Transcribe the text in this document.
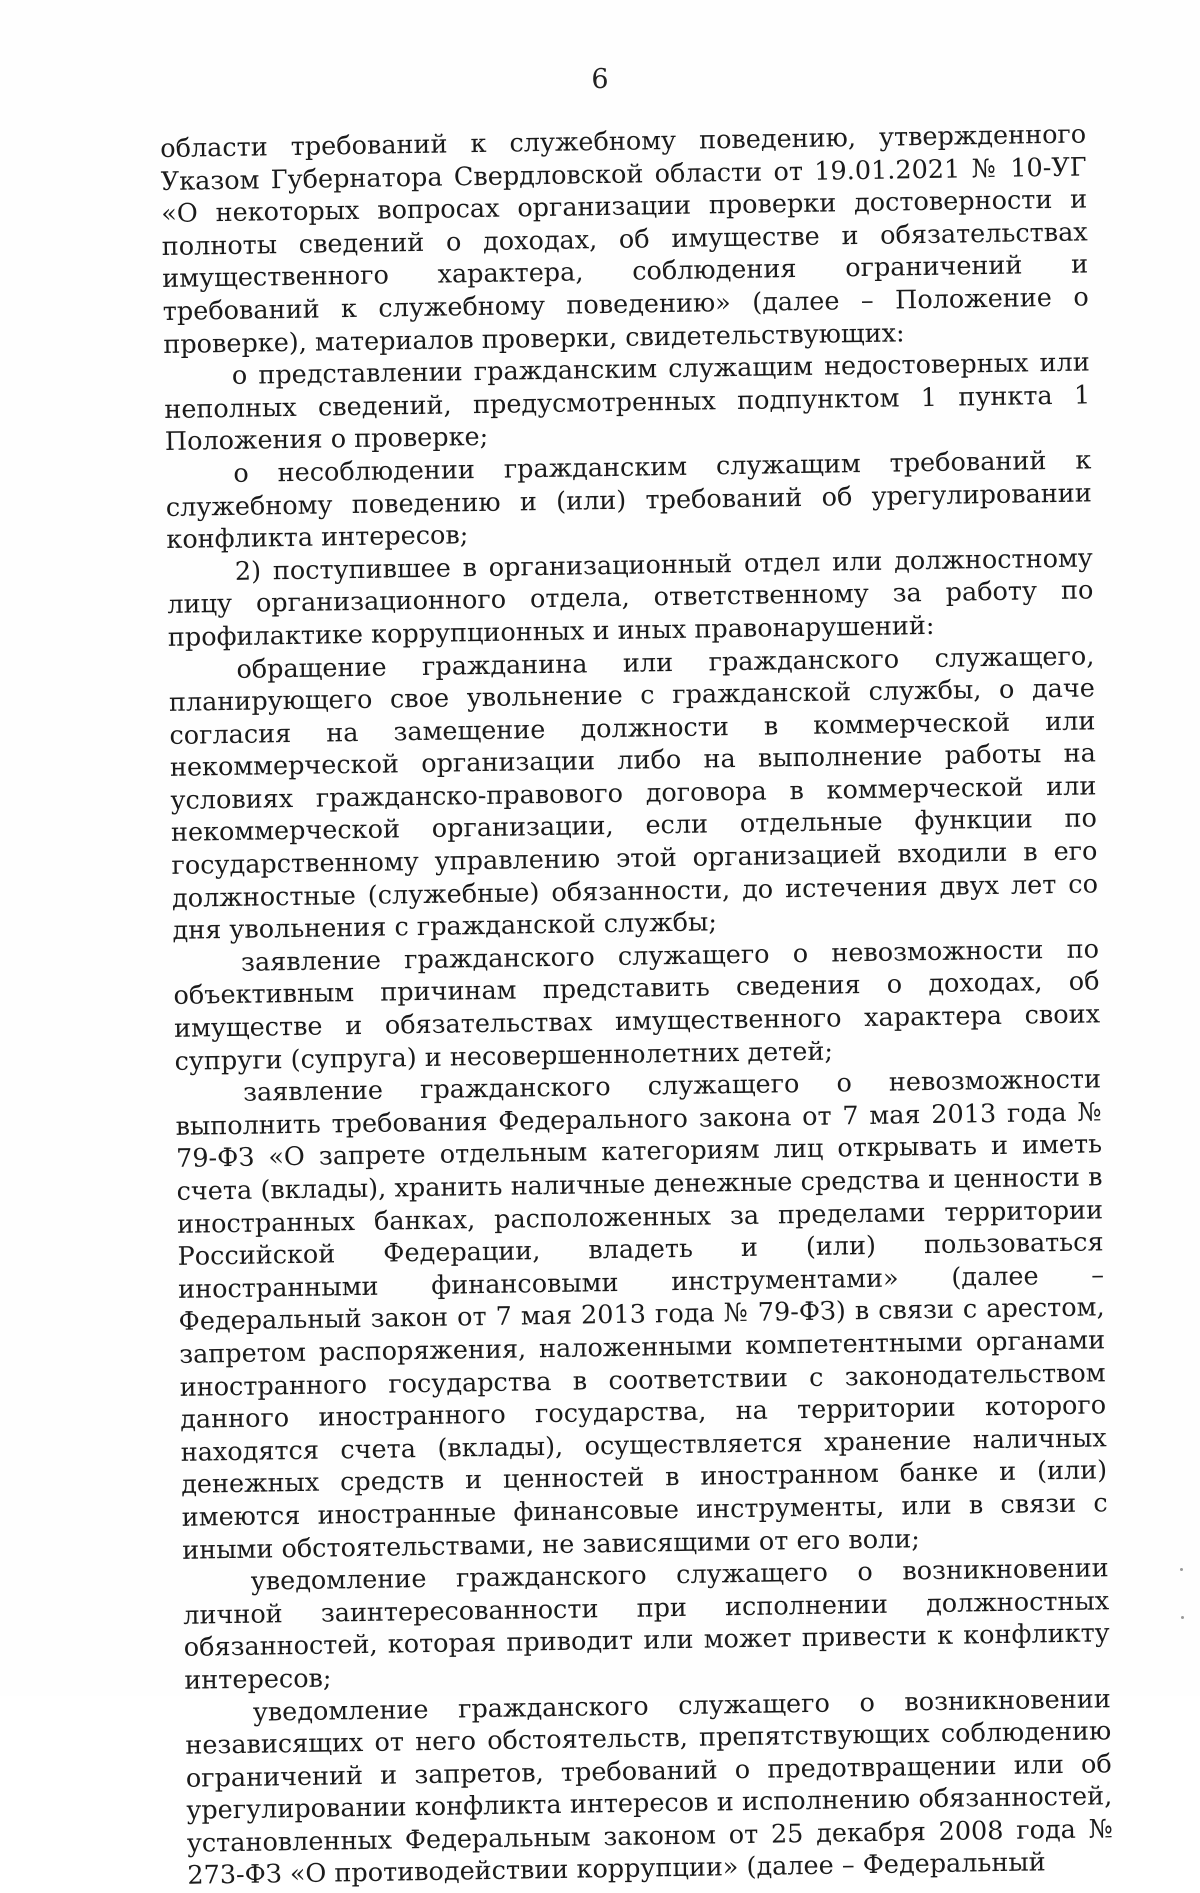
6

области требований к служебному поведению, утвержденного Указом Губернатора Свердловской области от 19.01.2021 № 10-УГ «О некоторых вопросах организации проверки достоверности и полноты сведений о доходах, об имуществе и обязательствах имущественного характера, соблюдения ограничений и требований к служебному поведению» (далее – Положение о проверке), материалов проверки, свидетельствующих:

о представлении гражданским служащим недостоверных или неполных сведений, предусмотренных подпунктом 1 пункта 1 Положения о проверке;

о несоблюдении гражданским служащим требований к служебному поведению и (или) требований об урегулировании конфликта интересов;

2) поступившее в организационный отдел или должностному лицу организационного отдела, ответственному за работу по профилактике коррупционных и иных правонарушений:

обращение гражданина или гражданского служащего, планирующего свое увольнение с гражданской службы, о даче согласия на замещение должности в коммерческой или некоммерческой организации либо на выполнение работы на условиях гражданско-правового договора в коммерческой или некоммерческой организации, если отдельные функции по государственному управлению этой организацией входили в его должностные (служебные) обязанности, до истечения двух лет со дня увольнения с гражданской службы;

заявление гражданского служащего о невозможности по объективным причинам представить сведения о доходах, об имуществе и обязательствах имущественного характера своих супруги (супруга) и несовершеннолетних детей;

заявление гражданского служащего о невозможности выполнить требования Федерального закона от 7 мая 2013 года № 79-ФЗ «О запрете отдельным категориям лиц открывать и иметь счета (вклады), хранить наличные денежные средства и ценности в иностранных банках, расположенных за пределами территории Российской Федерации, владеть и (или) пользоваться иностранными финансовыми инструментами» (далее – Федеральный закон от 7 мая 2013 года № 79-ФЗ) в связи с арестом, запретом распоряжения, наложенными компетентными органами иностранного государства в соответствии с законодательством данного иностранного государства, на территории которого находятся счета (вклады), осуществляется хранение наличных денежных средств и ценностей в иностранном банке и (или) имеются иностранные финансовые инструменты, или в связи с иными обстоятельствами, не зависящими от его воли;

уведомление гражданского служащего о возникновении личной заинтересованности при исполнении должностных обязанностей, которая приводит или может привести к конфликту интересов;

уведомление гражданского служащего о возникновении независящих от него обстоятельств, препятствующих соблюдению ограничений и запретов, требований о предотвращении или об урегулировании конфликта интересов и исполнению обязанностей, установленных Федеральным законом от 25 декабря 2008 года № 273-ФЗ «О противодействии коррупции» (далее – Федеральный
